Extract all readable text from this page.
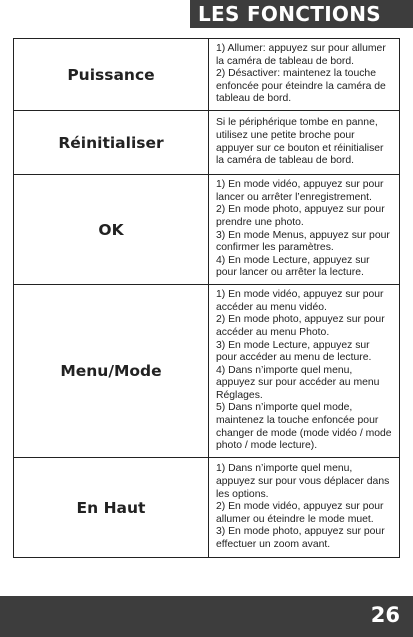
LES FONCTIONS
Puissance	1) Allumer: appuyez sur pour allumer la caméra de tableau de bord.
2) Désactiver: maintenez la touche enfoncée pour éteindre la caméra de tableau de bord.

Réinitialiser	Si le périphérique tombe en panne, utilisez une petite broche pour appuyer sur ce bouton et réinitialiser la caméra de tableau de bord.

OK	1) En mode vidéo, appuyez sur pour lancer ou arrêter l’enregistrement.
2) En mode photo, appuyez sur pour prendre une photo.
3) En mode Menus, appuyez sur pour confirmer les paramètres.
4) En mode Lecture, appuyez sur pour lancer ou arrêter la lecture.

Menu/Mode	1) En mode vidéo, appuyez sur pour accéder au menu vidéo.
2) En mode photo, appuyez sur pour accéder au menu Photo.
3) En mode Lecture, appuyez sur pour accéder au menu de lecture.
4) Dans n’importe quel menu, appuyez sur pour accéder au menu Réglages.
5) Dans n’importe quel mode, maintenez la touche enfoncée pour changer de mode (mode vidéo / mode photo / mode lecture).

En Haut	1) Dans n’importe quel menu, appuyez sur pour vous déplacer dans les options.
2) En mode vidéo, appuyez sur pour allumer ou éteindre le mode muet.
3) En mode photo, appuyez sur pour effectuer un zoom avant.
26
